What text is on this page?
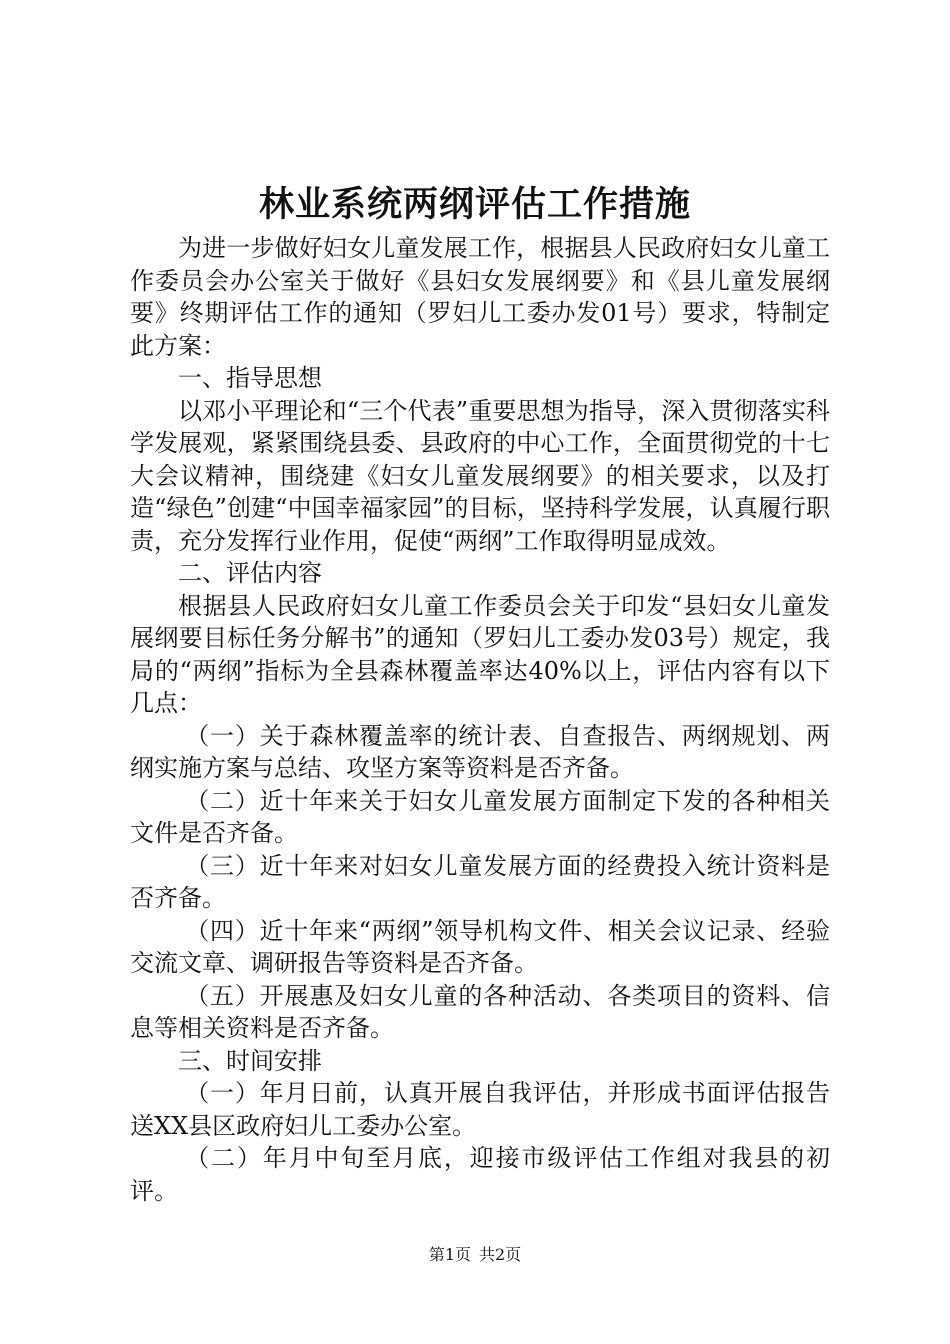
林业系统两纲评估工作措施

为进一步做好妇女儿童发展工作，根据县人民政府妇女儿童工作委员会办公室关于做好《县妇女发展纲要》和《县儿童发展纲要》终期评估工作的通知（罗妇儿工委办发01号）要求，特制定此方案：

一、指导思想

以邓小平理论和“三个代表”重要思想为指导，深入贯彻落实科学发展观，紧紧围绕县委、县政府的中心工作，全面贯彻党的十七大会议精神，围绕建《妇女儿童发展纲要》的相关要求，以及打造“绿色”创建“中国幸福家园”的目标，坚持科学发展，认真履行职责，充分发挥行业作用，促使“两纲”工作取得明显成效。

二、评估内容

根据县人民政府妇女儿童工作委员会关于印发“县妇女儿童发展纲要目标任务分解书”的通知（罗妇儿工委办发03号）规定，我局的“两纲”指标为全县森林覆盖率达40%以上，评估内容有以下几点：

（一）关于森林覆盖率的统计表、自查报告、两纲规划、两纲实施方案与总结、攻坚方案等资料是否齐备。

（二）近十年来关于妇女儿童发展方面制定下发的各种相关文件是否齐备。

（三）近十年来对妇女儿童发展方面的经费投入统计资料是否齐备。

（四）近十年来“两纲”领导机构文件、相关会议记录、经验交流文章、调研报告等资料是否齐备。

（五）开展惠及妇女儿童的各种活动、各类项目的资料、信息等相关资料是否齐备。

三、时间安排

（一）年月日前，认真开展自我评估，并形成书面评估报告送XX县区政府妇儿工委办公室。

（二）年月中旬至月底，迎接市级评估工作组对我县的初评。

第1页 共2页
